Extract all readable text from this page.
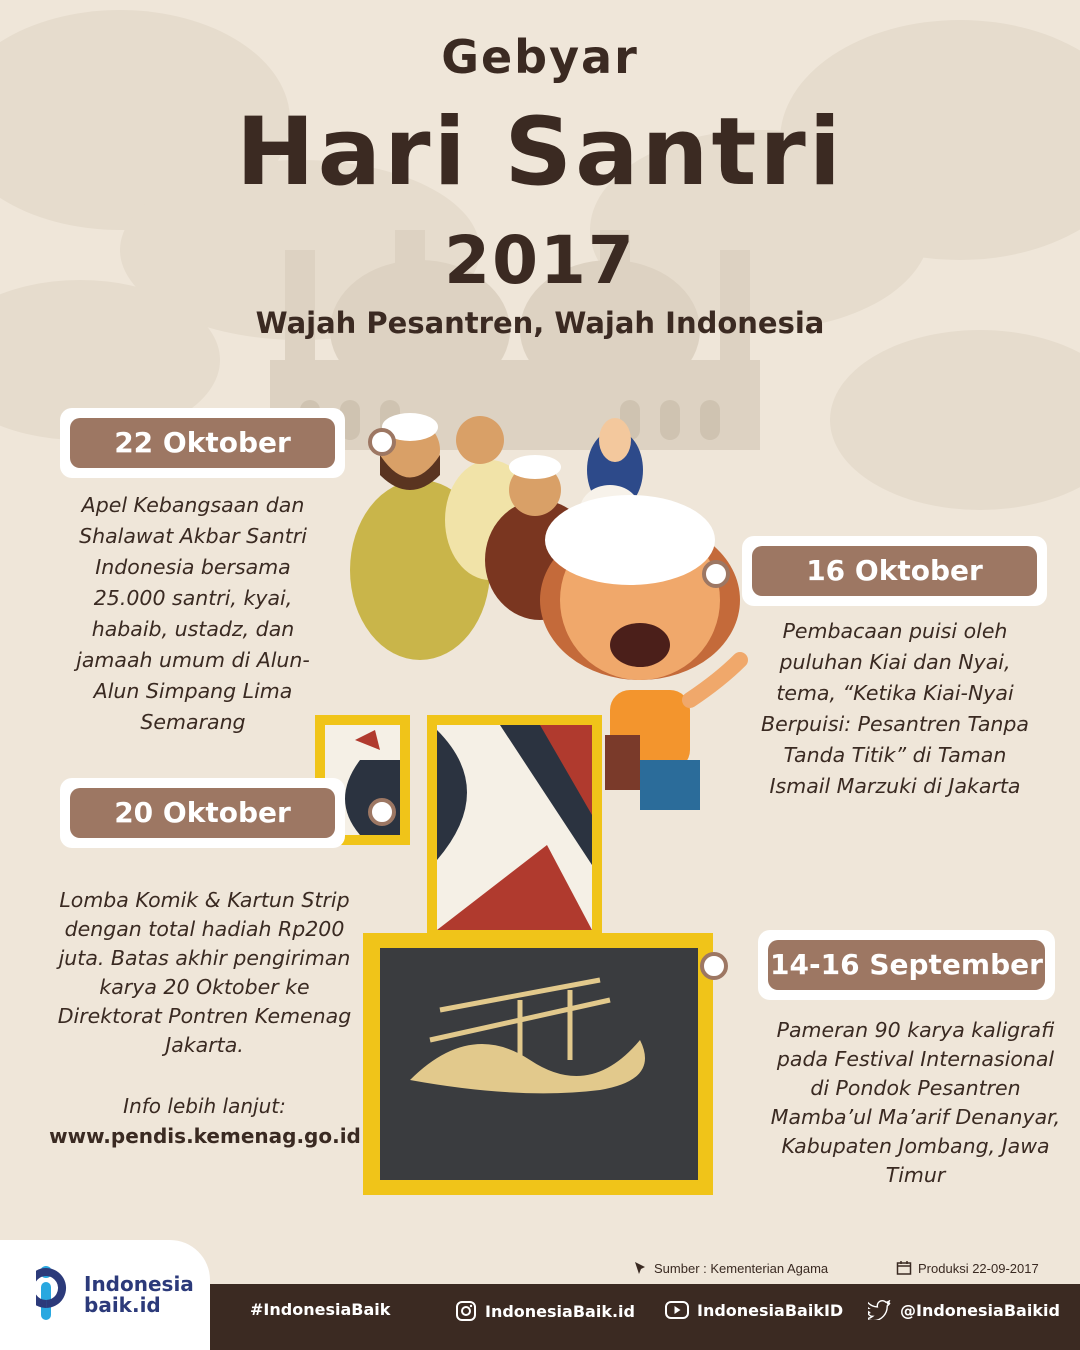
Gebyar
Hari Santri
2017
Wajah Pesantren, Wajah Indonesia
22 Oktober
Apel Kebangsaan dan Shalawat Akbar Santri Indonesia bersama 25.000 santri, kyai, habaib, ustadz, dan jamaah umum di Alun-Alun Simpang Lima Semarang
16 Oktober
Pembacaan puisi oleh puluhan Kiai dan Nyai, tema, “Ketika Kiai-Nyai Berpuisi: Pesantren Tanpa Tanda Titik” di Taman Ismail Marzuki di Jakarta
20 Oktober
Lomba Komik & Kartun Strip dengan total hadiah Rp200 juta. Batas akhir pengiriman karya 20 Oktober ke Direktorat Pontren Kemenag Jakarta.
Info lebih lanjut:
www.pendis.kemenag.go.id
14-16 September
Pameran 90 karya kaligrafi pada Festival Internasional di Pondok Pesantren Mamba’ul Ma’arif Denanyar, Kabupaten Jombang, Jawa Timur
Sumber : Kementerian Agama	Produksi 22-09-2017
Indonesia
baik.id	#IndonesiaBaik	IndonesiaBaik.id	IndonesiaBaikID	@IndonesiaBaikid
